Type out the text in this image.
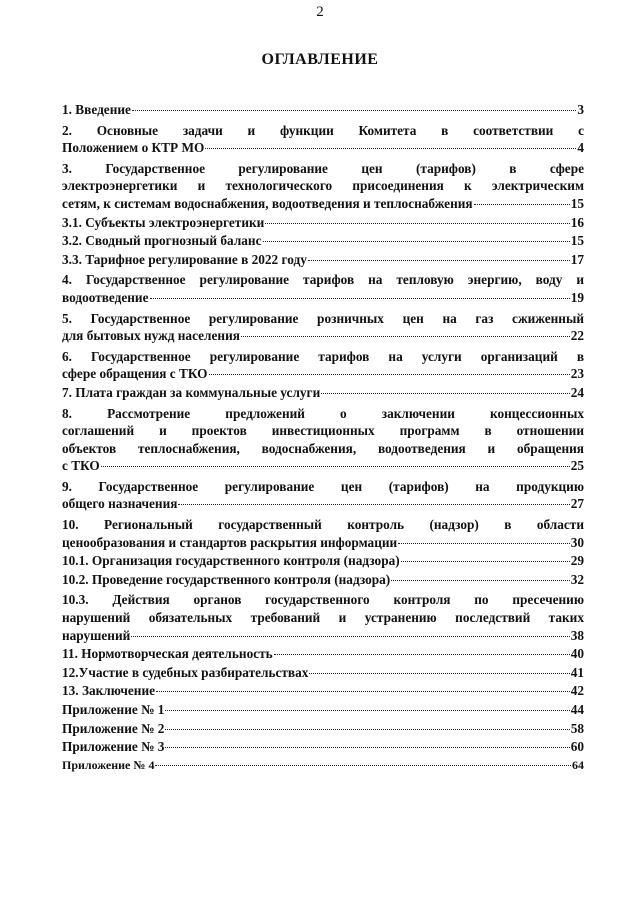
2
ОГЛАВЛЕНИЕ
1. Введение	3
2. Основные задачи и функции Комитета в соответствии с
Положением о КТР МО	4
3. Государственное регулирование цен (тарифов) в сфере
электроэнергетики и технологического присоединения к электрическим
сетям, к системам водоснабжения, водоотведения и теплоснабжения	15
3.1. Субъекты электроэнергетики	16
3.2. Сводный прогнозный баланс	15
3.3. Тарифное регулирование в 2022 году	17
4. Государственное регулирование тарифов на тепловую энергию, воду и
водоотведение	19
5. Государственное регулирование розничных цен на газ сжиженный
для бытовых нужд населения	22
6. Государственное регулирование тарифов на услуги организаций в
сфере обращения с ТКО	23
7. Плата граждан за коммунальные услуги	24
8. Рассмотрение предложений о заключении концессионных
соглашений и проектов инвестиционных программ в отношении
объектов теплоснабжения, водоснабжения, водоотведения и обращения
с ТКО	25
9. Государственное регулирование цен (тарифов) на продукцию
общего назначения	27
10. Региональный государственный контроль (надзор) в области
ценообразования и стандартов раскрытия информации	30
10.1. Организация государственного контроля (надзора)	29
10.2. Проведение государственного контроля (надзора)	32
10.3. Действия органов государственного контроля по пресечению
нарушений обязательных требований и устранению последствий таких
нарушений	38
11. Нормотворческая деятельность	40
12.Участие в судебных разбирательствах	41
13. Заключение	42
Приложение № 1	44
Приложение № 2	58
Приложение № 3	60
Приложение № 4	64
